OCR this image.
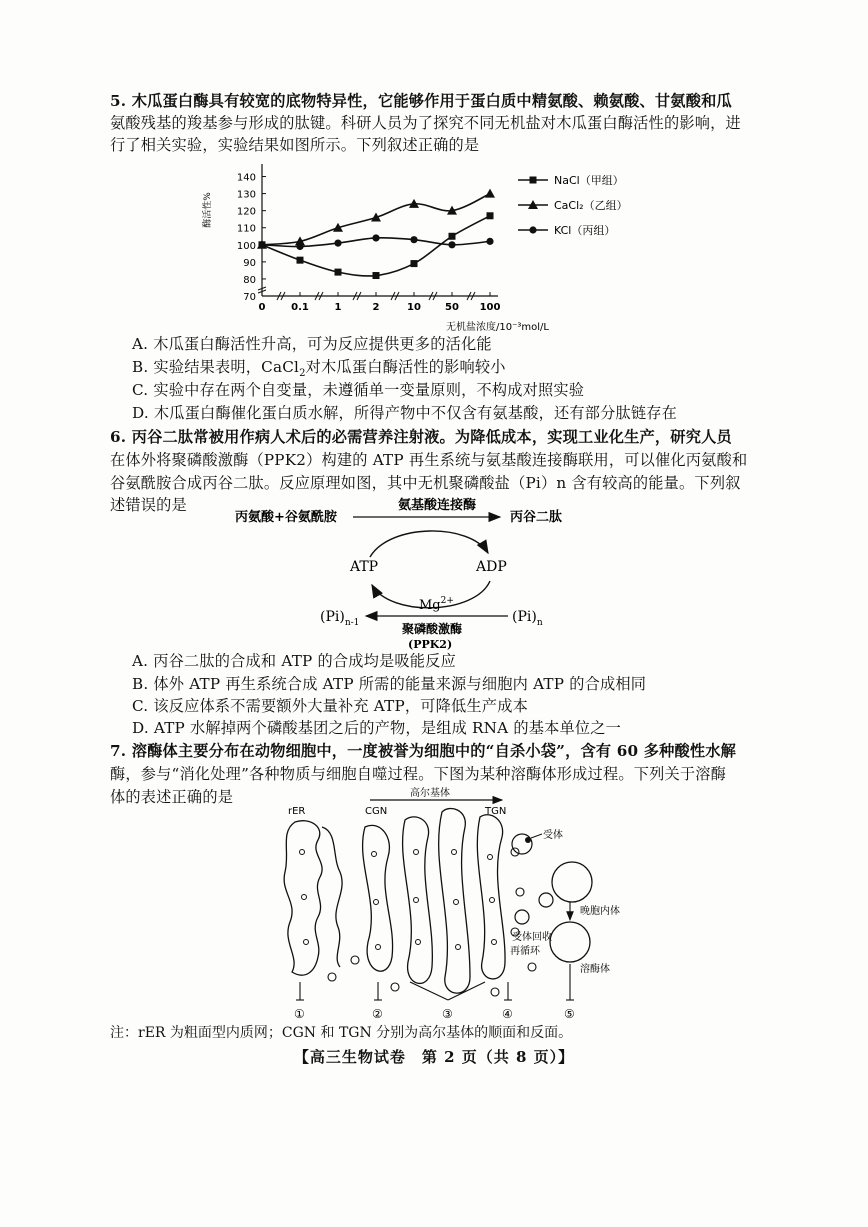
5. 木瓜蛋白酶具有较宽的底物特异性，它能够作用于蛋白质中精氨酸、赖氨酸、甘氨酸和瓜
氨酸残基的羧基参与形成的肽键。科研人员为了探究不同无机盐对木瓜蛋白酶活性的影响，进
行了相关实验，实验结果如图所示。下列叙述正确的是
70
80
90
100
110
120
130
140
0	0.1	1	2	10 50 100
酶活性%
无机盐浓度/10⁻³mol/L
NaCl（甲组）
CaCl₂（乙组）
KCl（丙组）
A. 木瓜蛋白酶活性升高，可为反应提供更多的活化能
B. 实验结果表明，CaCl$_2$对木瓜蛋白酶活性的影响较小
C. 实验中存在两个自变量，未遵循单一变量原则，不构成对照实验
D. 木瓜蛋白酶催化蛋白质水解，所得产物中不仅含有氨基酸，还有部分肽链存在
6. 丙谷二肽常被用作病人术后的必需营养注射液。为降低成本，实现工业化生产，研究人员
在体外将聚磷酸激酶（PPK2）构建的 ATP 再生系统与氨基酸连接酶联用，可以催化丙氨酸和
谷氨酰胺合成丙谷二肽。反应原理如图，其中无机聚磷酸盐（Pi）n 含有较高的能量。下列叙
述错误的是
丙氨酸+谷氨酰胺
氨基酸连接酶
丙谷二肽
ATP	ADP
$Mg^{2+}$
$(Pi)_{n-1}$	$(Pi)_n$
聚磷酸激酶
(PPK2)
A. 丙谷二肽的合成和 ATP 的合成均是吸能反应
B. 体外 ATP 再生系统合成 ATP 所需的能量来源与细胞内 ATP 的合成相同
C. 该反应体系不需要额外大量补充 ATP，可降低生产成本
D. ATP 水解掉两个磷酸基团之后的产物，是组成 RNA 的基本单位之一
7. 溶酶体主要分布在动物细胞中，一度被誉为细胞中的“自杀小袋”，含有 60 多种酸性水解
酶，参与“消化处理”各种物质与细胞自噬过程。下图为某种溶酶体形成过程。下列关于溶酶
体的表述正确的是	高尔基体
rER	CGN	TGN
受体
晚胞内体
受体回收
再循环
溶酶体
①	②	③	④	⑤
注：rER 为粗面型内质网；CGN 和 TGN 分别为高尔基体的顺面和反面。
【高三生物试卷　第 2 页（共 8 页）】
